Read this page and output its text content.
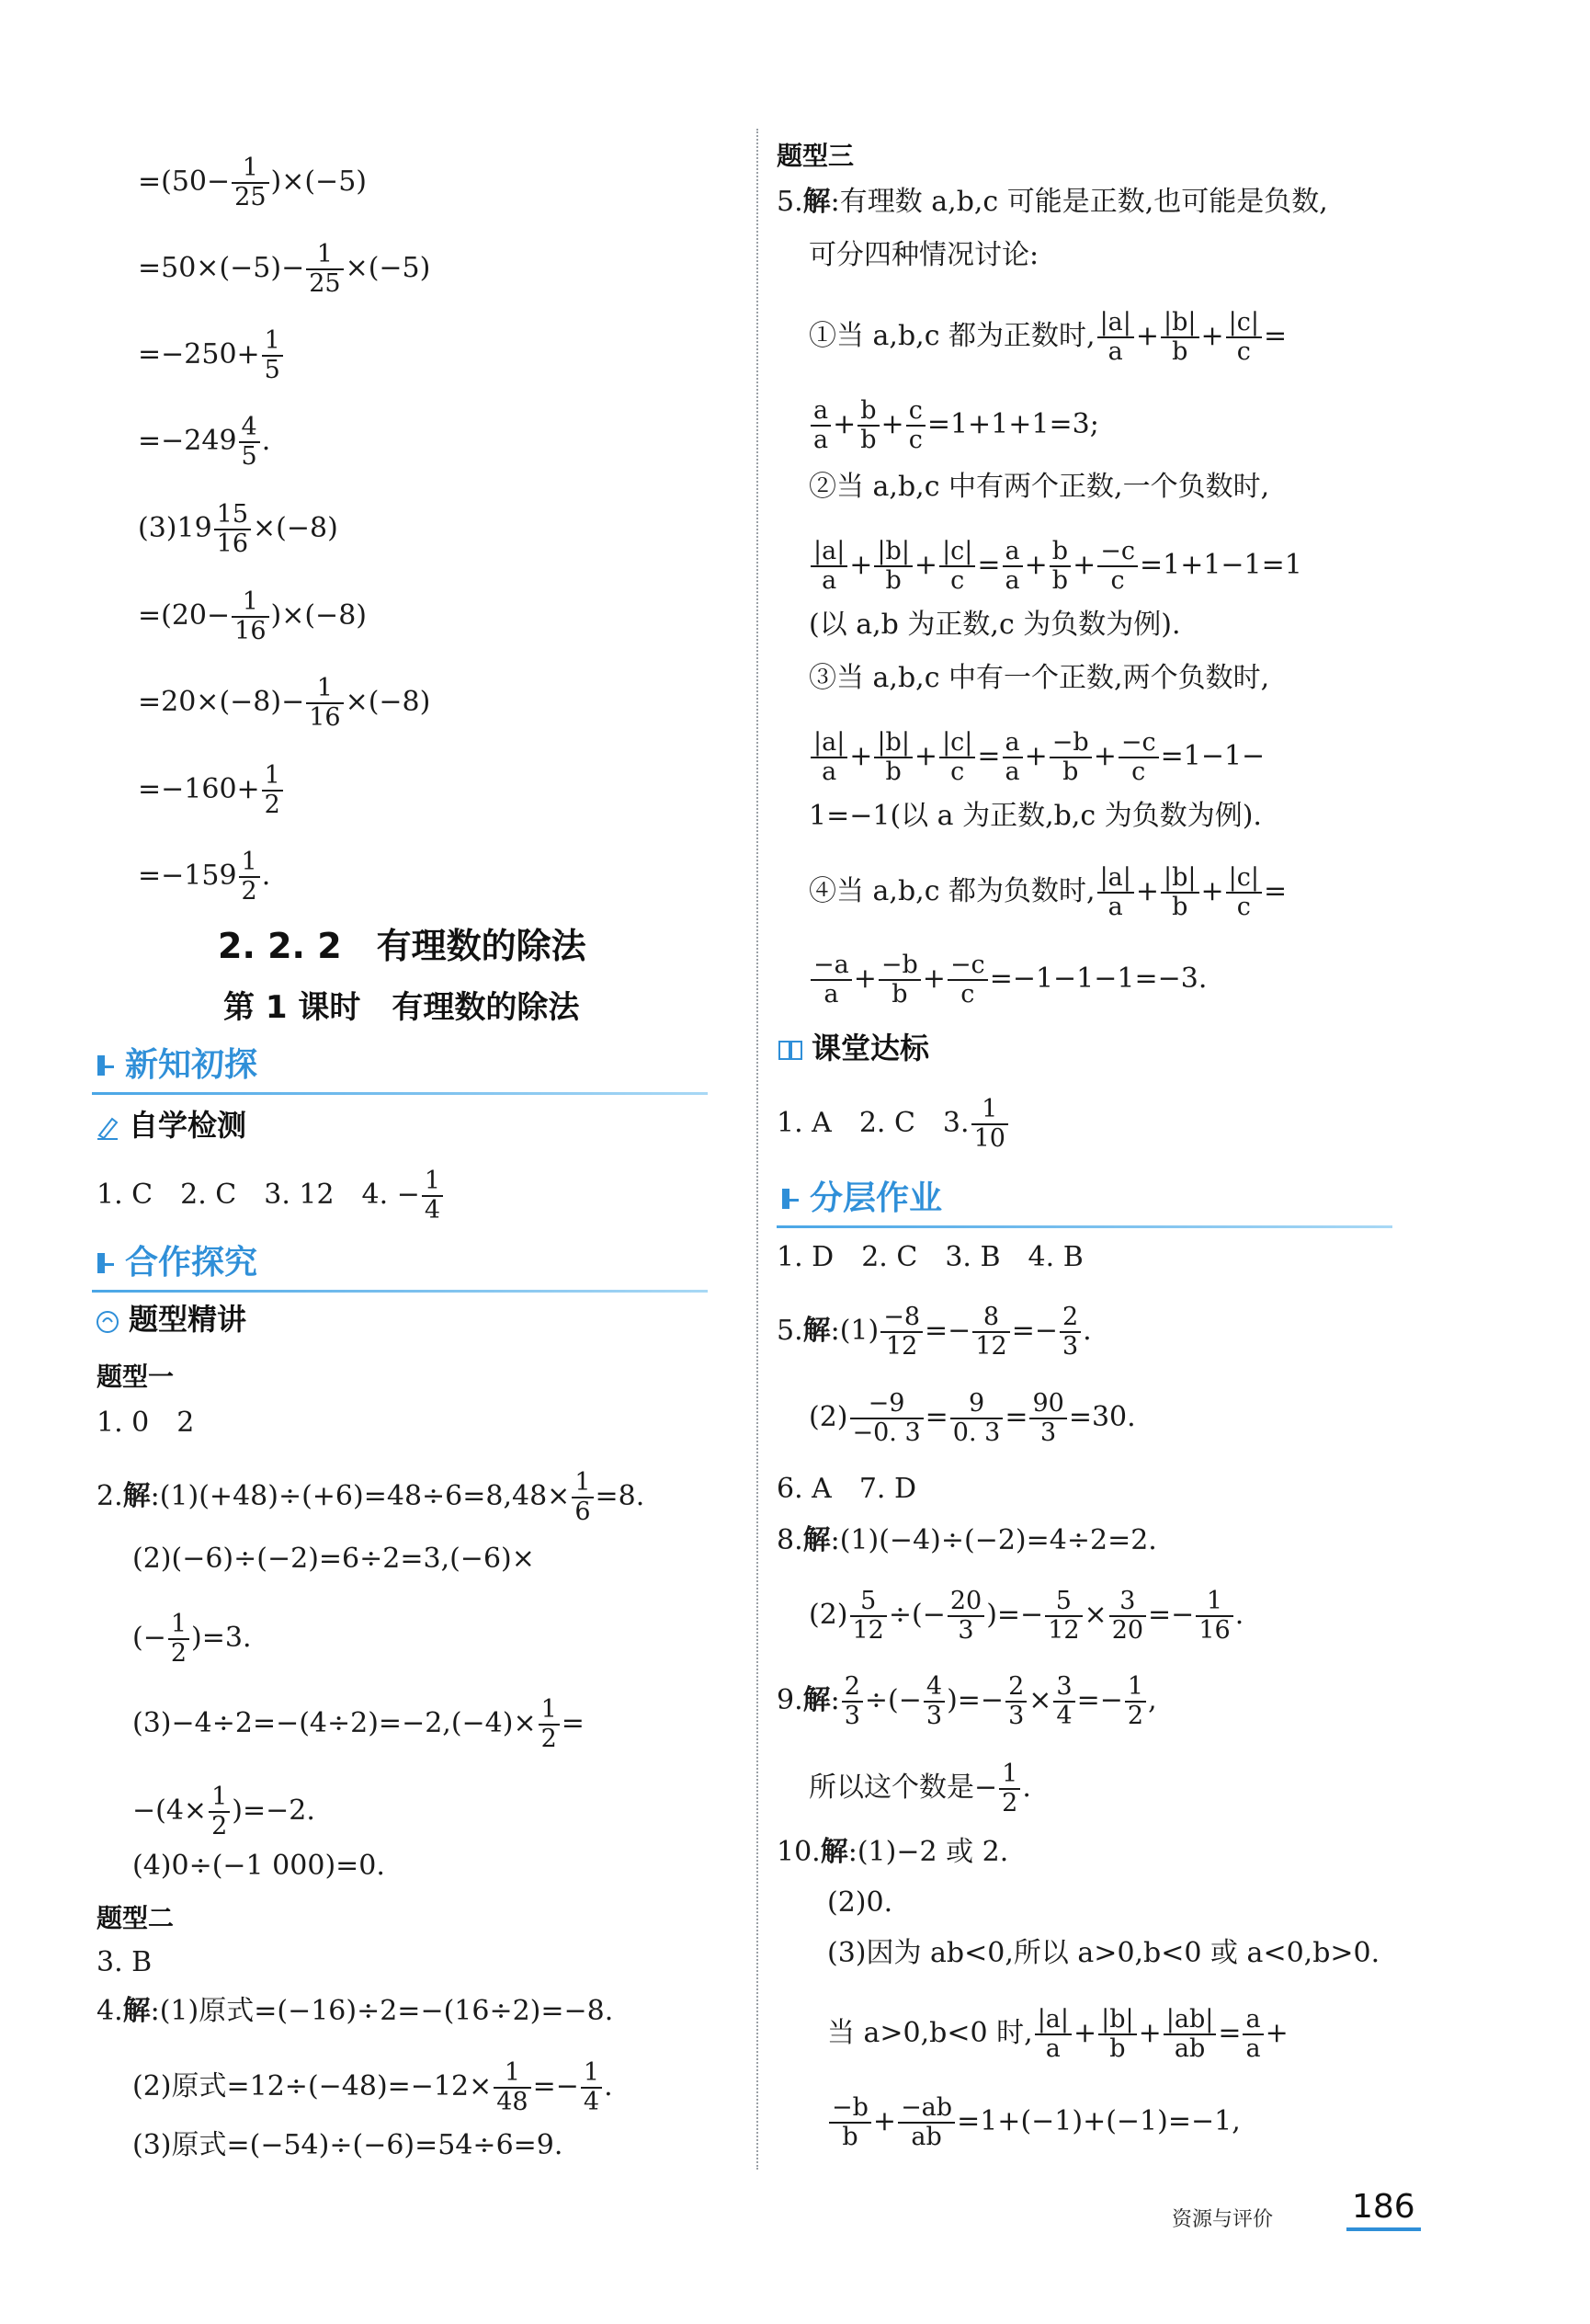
$=(50- \frac{1}{25} )\times(-5)$
$=50\times(-5)- \frac{1}{25} \times(-5)$
$=-250+ \frac{1}{5}$
$=-249 \frac{4}{5}$ .
$(3)19 \frac{15}{16} \times(-8)$
$=(20- \frac{1}{16} )\times(-8)$
$=20\times(-8)- \frac{1}{16} \times(-8)$
$=-160+ \frac{1}{2}$
$=-159 \frac{1}{2}$ .
2. 2. 2　有理数的除法
第 1 课时　有理数的除法
新知初探
自学检测
1. C　2. C　3. 12　4. − $\frac{1}{4}$
合作探究
题型精讲
题型一
1. 0　2
2.解:(1)(+48)÷(+6)=48÷6=8,48× $\frac{1}{6} =8$.
(2)(−6)÷(−2)=6÷2=3,(−6)×
(− $\frac{1}{2} )=3$.
$(3)-4\div 2=-(4\div 2)=-2,(-4)\times \frac{1}{2}$ =
$-(4\times \frac{1}{2} )=-2$.
(4)0÷(−1 000)=0.
题型二
3. B
4.解:(1)原式=(−16)÷2=−(16÷2)=−8.
(2)原式$=12\div(-48)=-12\times \frac{1}{48} =- \frac{1}{4}$ .
(3)原式=(−54)÷(−6)=54÷6=9.
题型三
5.解:有理数 a,b,c 可能是正数,也可能是负数,
可分四种情况讨论:
①当 a,b,c 都为正数时, $\frac{|a|}{a} + \frac{|b|}{b} + \frac{|c|}{c}$ =
$\frac{a}{a} + \frac{b}{b} + \frac{c}{c} =1+1+1=3$;
②当 a,b,c 中有两个正数,一个负数时,
$\frac{|a|}{a} + \frac{|b|}{b} + \frac{|c|}{c} = \frac{a}{a} + \frac{b}{b} + \frac{-c}{c} =1+1-1=1$
(以 a,b 为正数,c 为负数为例).
③当 a,b,c 中有一个正数,两个负数时,
$\frac{|a|}{a} + \frac{|b|}{b} + \frac{|c|}{c} = \frac{a}{a} + \frac{-b}{b} + \frac{-c}{c} =1-1-$
1=−1(以 a 为正数,b,c 为负数为例).
④当 a,b,c 都为负数时, $\frac{|a|}{a} + \frac{|b|}{b} + \frac{|c|}{c}$ =
$\frac{-a}{a} + \frac{-b}{b} + \frac{-c}{c} =-1-1-1=-3$.
课堂达标
1. A　2. C　3. $\frac{1}{10}$
分层作业
1. D　2. C　3. B　4. B
5.解:(1) $\frac{-8}{12} =- \frac{8}{12} =- \frac{2}{3}$ .
$(2) \frac{-9}{-0. 3} = \frac{9}{0. 3} = \frac{90}{3} =30$.
6. A　7. D
8.解:(1)(−4)÷(−2)=4÷2=2.
$(2) \frac{5}{12}$ ÷(− $\frac{20}{3}$ )=− $\frac{5}{12} \times \frac{3}{20} =- \frac{1}{16}$ .
9.解: $\frac{2}{3}$ ÷(− $\frac{4}{3}$ )=− $\frac{2}{3} \times \frac{3}{4} =- \frac{1}{2}$ ,
所以这个数是− $\frac{1}{2}$ .
10.解:(1)−2 或 2.
(2)0.
(3)因为 ab<0,所以 a>0,b<0 或 a<0,b>0.
当 a>0,b<0 时, $\frac{|a|}{a} + \frac{|b|}{b} + \frac{|ab|}{ab} = \frac{a}{a}$ +
$\frac{-b}{b} + \frac{-ab}{ab} =1+(-1)+(-1)=-1$,
资源与评价 186
